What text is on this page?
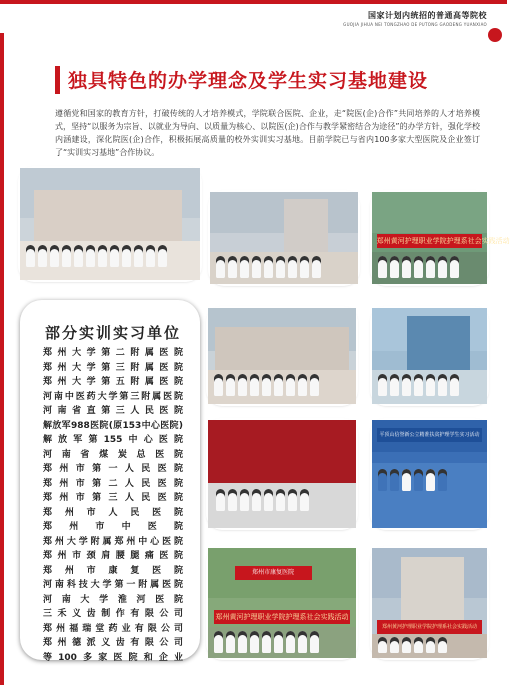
国家计划内统招的普通高等院校
GUOJIA JIHUA NEI TONGZHAO DE PUTONG GAODENG YUANXIAO
独具特色的办学理念及学生实习基地建设
遵循党和国家的教育方针，打破传统的人才培养模式，学院联合医院、企业，走“院医(企)合作”共同培养的人才培养模式，坚持“以服务为宗旨、以就业为导向、以质量为核心、以院医(企)合作与教学紧密结合为途径”的办学方针，强化学校内涵建设，深化院医(企)合作，积极拓展高质量的校外实训实习基地。目前学院已与省内100多家大型医院及企业签订了“实训实习基地”合作协议。
郑州黄河护理职业学院护理系社会实践活动
部分实训实习单位
郑州大学第二附属医院
郑州大学第三附属医院
郑州大学第五附属医院
河南中医药大学第三附属医院
河南省直第三人民医院
解放军988医院(原153中心医院)
解放军第155中心医院
河南省煤炭总医院
郑州市第一人民医院
郑州市第二人民医院
郑州市第三人民医院
郑州市人民医院
郑州市中医院
郑州大学附属郑州中心医院
郑州市颈肩腰腿痛医院
郑州市康复医院
河南科技大学第一附属医院
河南大学淮河医院
三禾义齿制作有限公司
郑州福瑞堂药业有限公司
郑州德派义齿有限公司
等100多家医院和企业
平顶山信誉新公立精准扶贫护理学生实习活动
郑州市康复医院
郑州黄河护理职业学院护理系社会实践活动
郑州黄河护理职业学院护理系社会实践活动
